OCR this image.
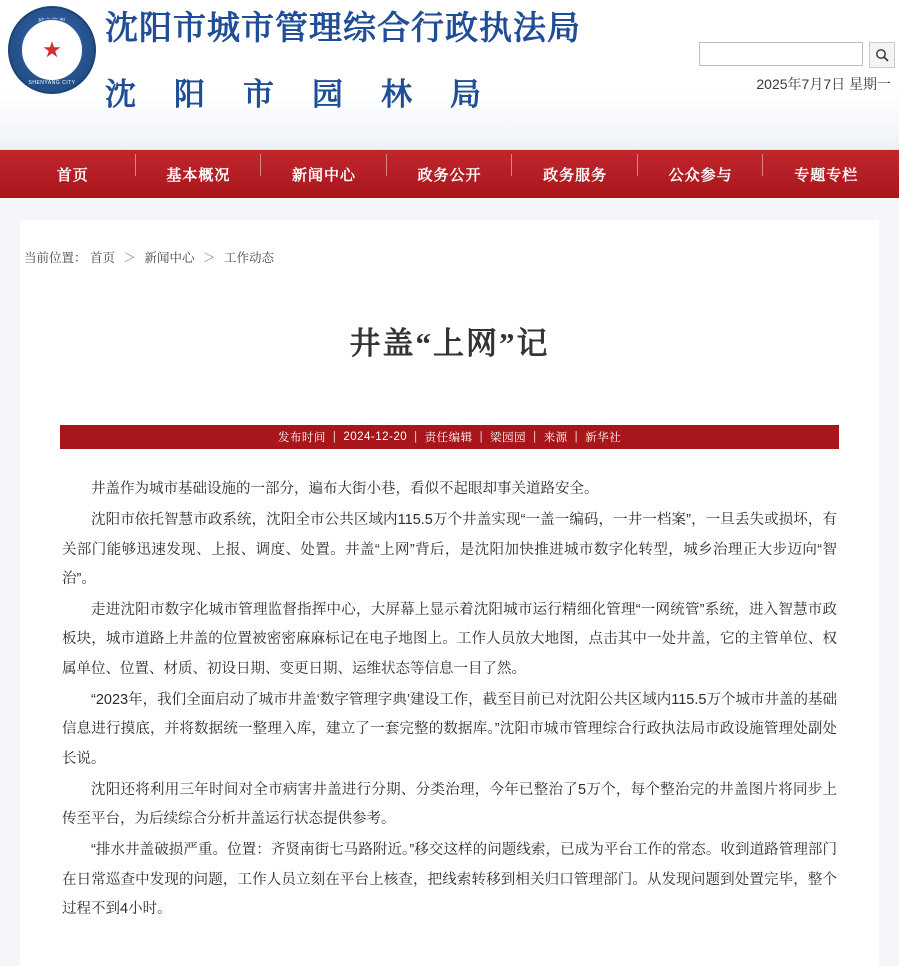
★
SHENYANG CITY
沈阳市城市管理综合行政执法局
沈阳市园林局	2025年7月7日 星期一
首页	基本概况	新闻中心	政务公开	政务服务	公众参与	专题专栏
当前位置： 首页 ＞ 新闻中心 ＞ 工作动态
井盖“上网”记
发布时间 | 2024-12-20 | 责任编辑 | 梁园园 | 来源 | 新华社

井盖作为城市基础设施的一部分，遍布大街小巷，看似不起眼却事关道路安全。

沈阳市依托智慧市政系统，沈阳全市公共区域内115.5万个井盖实现“一盖一编码，一井一档案”，一旦丢失或损坏，有关部门能够迅速发现、上报、调度、处置。井盖“上网”背后，是沈阳加快推进城市数字化转型，城乡治理正大步迈向“智治”。

走进沈阳市数字化城市管理监督指挥中心，大屏幕上显示着沈阳城市运行精细化管理“一网统管”系统，进入智慧市政板块，城市道路上井盖的位置被密密麻麻标记在电子地图上。工作人员放大地图，点击其中一处井盖，它的主管单位、权属单位、位置、材质、初设日期、变更日期、运维状态等信息一目了然。

“2023年，我们全面启动了城市井盖‘数字管理字典’建设工作，截至目前已对沈阳公共区域内115.5万个城市井盖的基础信息进行摸底，并将数据统一整理入库，建立了一套完整的数据库。”沈阳市城市管理综合行政执法局市政设施管理处副处长说。

沈阳还将利用三年时间对全市病害井盖进行分期、分类治理，今年已整治了5万个，每个整治完的井盖图片将同步上传至平台，为后续综合分析井盖运行状态提供参考。

“排水井盖破损严重。位置：齐贤南街七马路附近。”移交这样的问题线索，已成为平台工作的常态。收到道路管理部门在日常巡查中发现的问题，工作人员立刻在平台上核查，把线索转移到相关归口管理部门。从发现问题到处置完毕，整个过程不到4小时。
